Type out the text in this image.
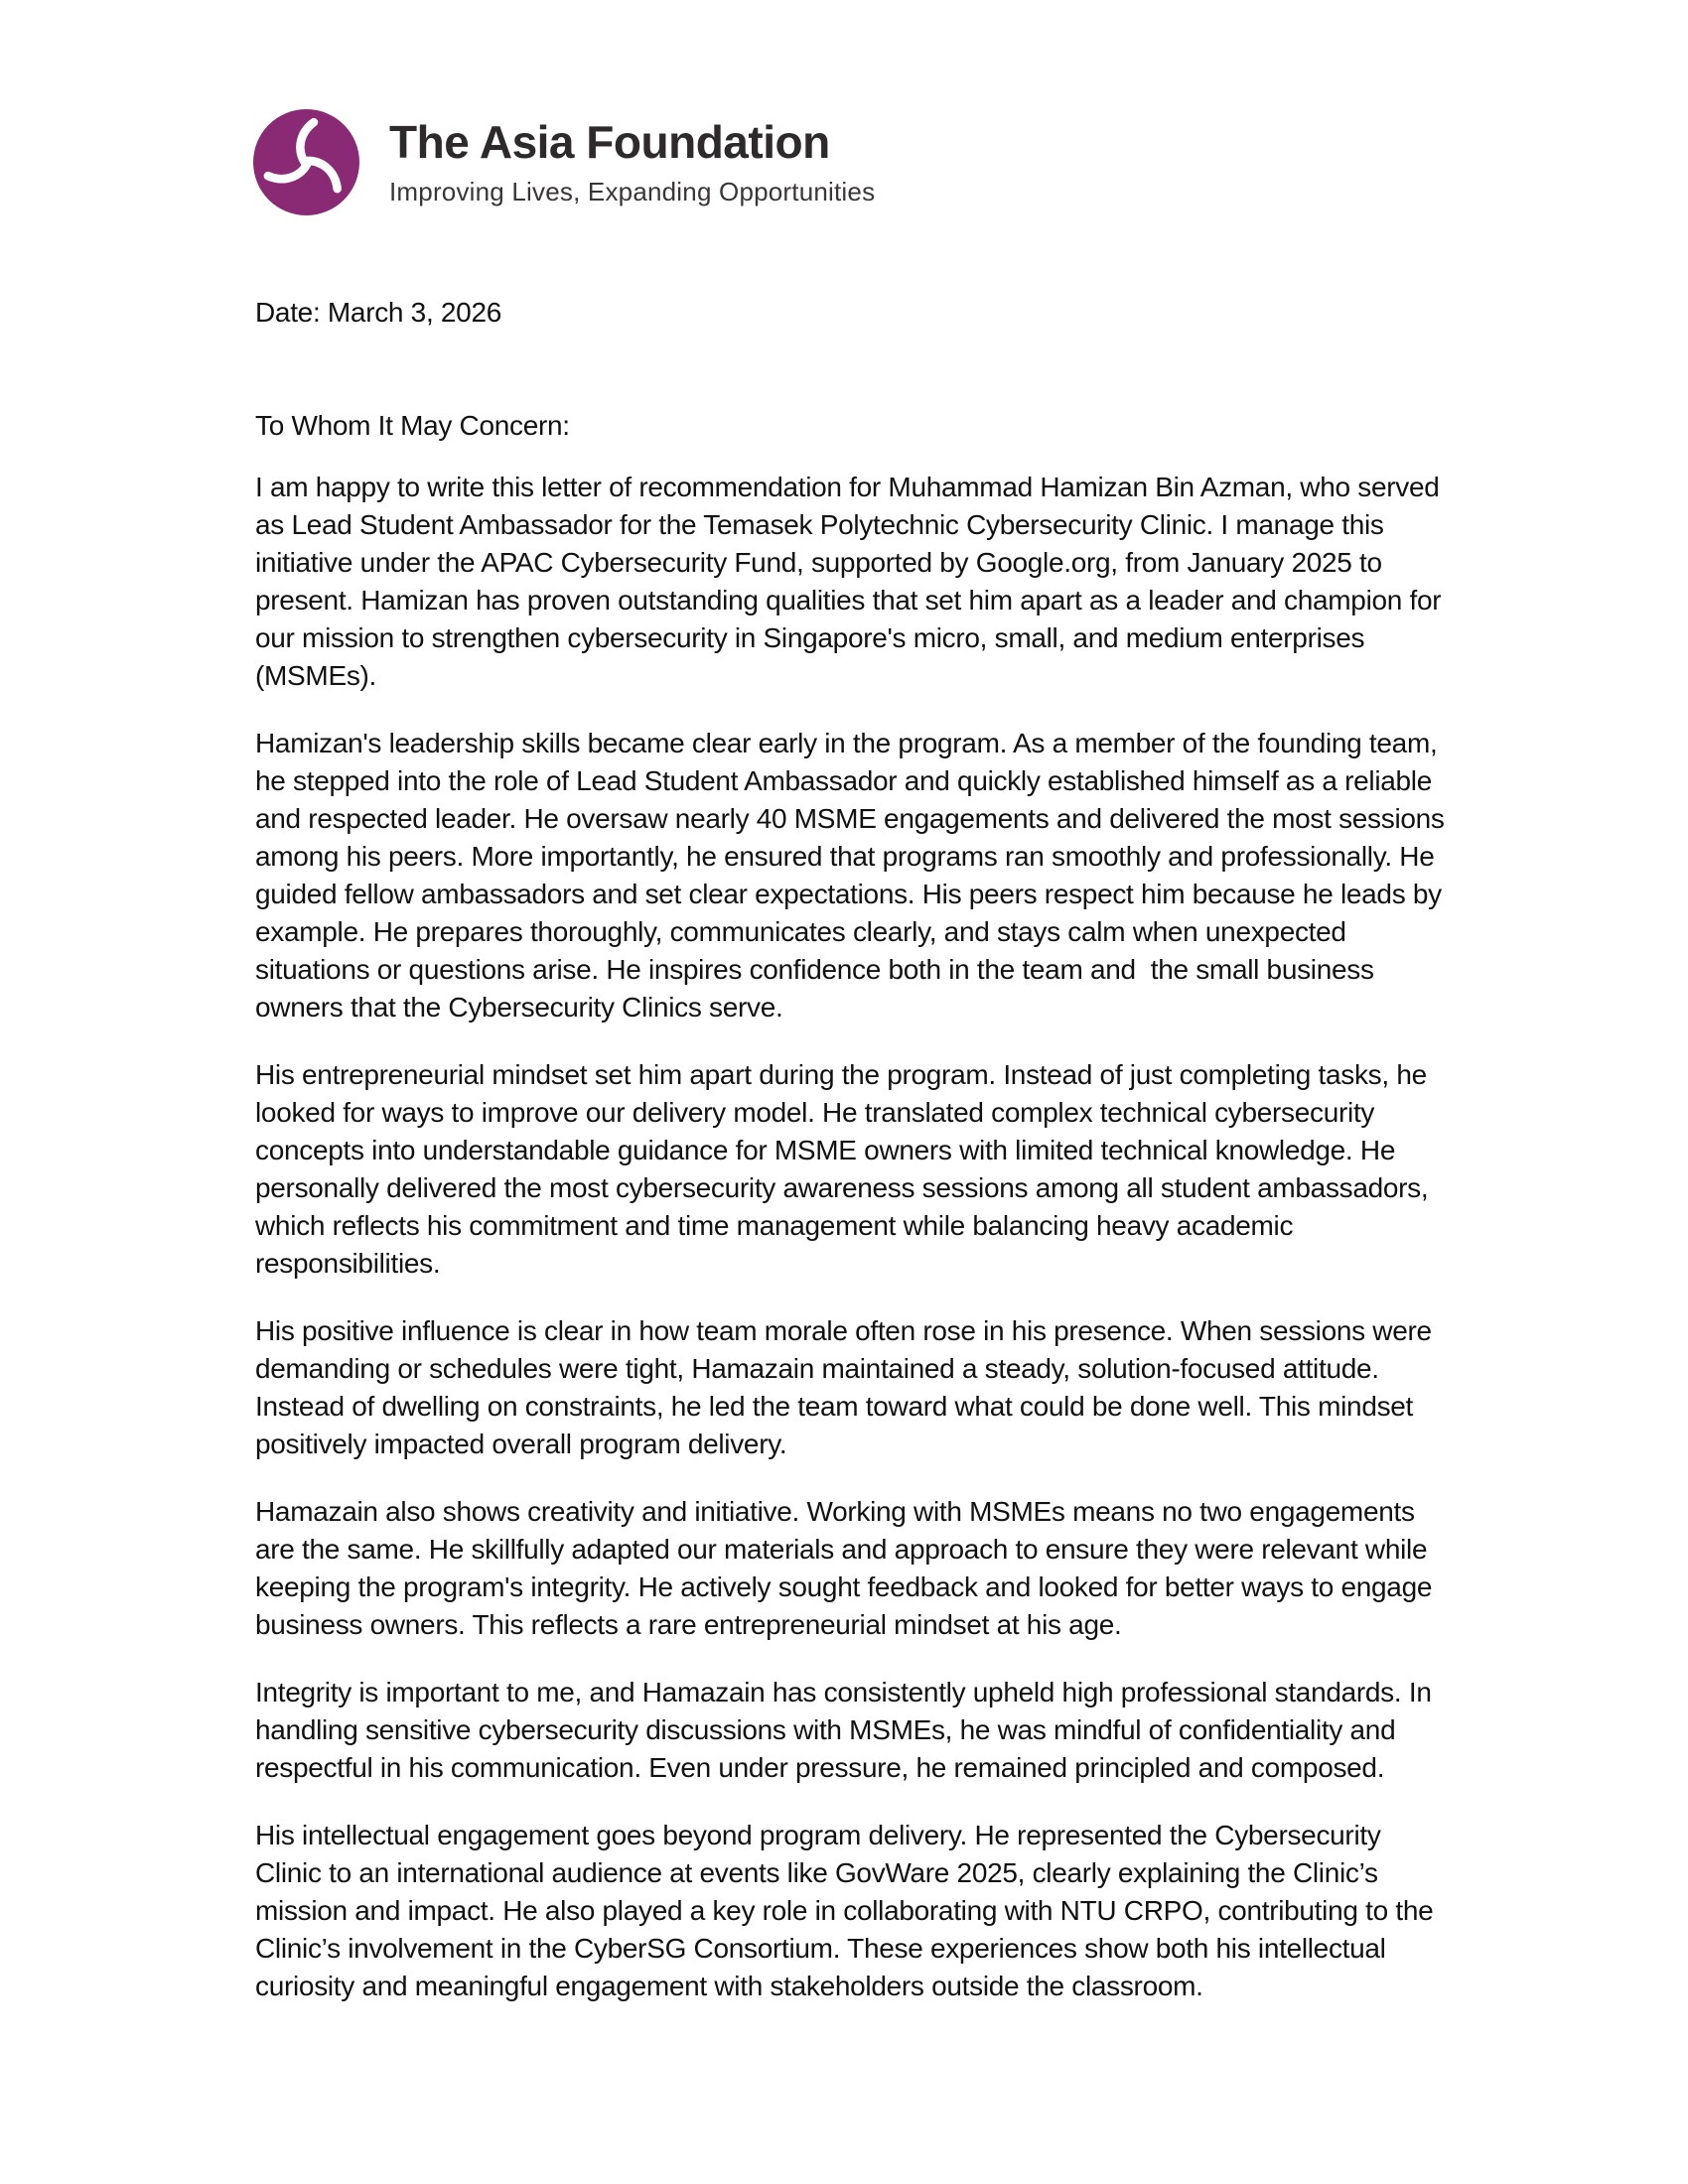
The Asia Foundation
Improving Lives, Expanding Opportunities

Date: March 3, 2026

To Whom It May Concern:

I am happy to write this letter of recommendation for Muhammad Hamizan Bin Azman, who served as Lead Student Ambassador for the Temasek Polytechnic Cybersecurity Clinic. I manage this initiative under the APAC Cybersecurity Fund, supported by Google.org, from January 2025 to present. Hamizan has proven outstanding qualities that set him apart as a leader and champion for our mission to strengthen cybersecurity in Singapore's micro, small, and medium enterprises (MSMEs).

Hamizan's leadership skills became clear early in the program. As a member of the founding team, he stepped into the role of Lead Student Ambassador and quickly established himself as a reliable and respected leader. He oversaw nearly 40 MSME engagements and delivered the most sessions among his peers. More importantly, he ensured that programs ran smoothly and professionally. He guided fellow ambassadors and set clear expectations. His peers respect him because he leads by example. He prepares thoroughly, communicates clearly, and stays calm when unexpected situations or questions arise. He inspires confidence both in the team and  the small business owners that the Cybersecurity Clinics serve.

His entrepreneurial mindset set him apart during the program. Instead of just completing tasks, he looked for ways to improve our delivery model. He translated complex technical cybersecurity concepts into understandable guidance for MSME owners with limited technical knowledge. He personally delivered the most cybersecurity awareness sessions among all student ambassadors, which reflects his commitment and time management while balancing heavy academic responsibilities.

His positive influence is clear in how team morale often rose in his presence. When sessions were demanding or schedules were tight, Hamazain maintained a steady, solution-focused attitude. Instead of dwelling on constraints, he led the team toward what could be done well. This mindset positively impacted overall program delivery.

Hamazain also shows creativity and initiative. Working with MSMEs means no two engagements are the same. He skillfully adapted our materials and approach to ensure they were relevant while keeping the program's integrity. He actively sought feedback and looked for better ways to engage business owners. This reflects a rare entrepreneurial mindset at his age.

Integrity is important to me, and Hamazain has consistently upheld high professional standards. In handling sensitive cybersecurity discussions with MSMEs, he was mindful of confidentiality and respectful in his communication. Even under pressure, he remained principled and composed.

His intellectual engagement goes beyond program delivery. He represented the Cybersecurity Clinic to an international audience at events like GovWare 2025, clearly explaining the Clinic’s mission and impact. He also played a key role in collaborating with NTU CRPO, contributing to the Clinic’s involvement in the CyberSG Consortium. These experiences show both his intellectual curiosity and meaningful engagement with stakeholders outside the classroom.
